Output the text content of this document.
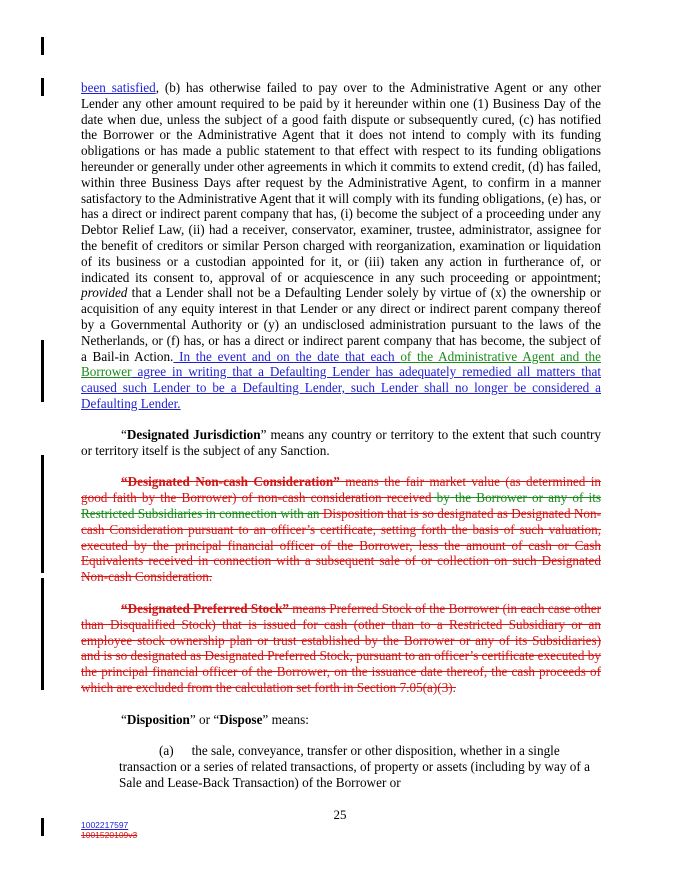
been satisfied, (b) has otherwise failed to pay over to the Administrative Agent or any other Lender any other amount required to be paid by it hereunder within one (1) Business Day of the date when due, unless the subject of a good faith dispute or subsequently cured, (c) has notified the Borrower or the Administrative Agent that it does not intend to comply with its funding obligations or has made a public statement to that effect with respect to its funding obligations hereunder or generally under other agreements in which it commits to extend credit, (d) has failed, within three Business Days after request by the Administrative Agent, to confirm in a manner satisfactory to the Administrative Agent that it will comply with its funding obligations, (e) has, or has a direct or indirect parent company that has, (i) become the subject of a proceeding under any Debtor Relief Law, (ii) had a receiver, conservator, examiner, trustee, administrator, assignee for the benefit of creditors or similar Person charged with reorganization, examination or liquidation of its business or a custodian appointed for it, or (iii) taken any action in furtherance of, or indicated its consent to, approval of or acquiescence in any such proceeding or appointment; provided that a Lender shall not be a Defaulting Lender solely by virtue of (x) the ownership or acquisition of any equity interest in that Lender or any direct or indirect parent company thereof by a Governmental Authority or (y) an undisclosed administration pursuant to the laws of the Netherlands, or (f) has, or has a direct or indirect parent company that has become, the subject of a Bail-in Action. In the event and on the date that each of the Administrative Agent and the Borrower agree in writing that a Defaulting Lender has adequately remedied all matters that caused such Lender to be a Defaulting Lender, such Lender shall no longer be considered a Defaulting Lender.

“Designated Jurisdiction” means any country or territory to the extent that such country or territory itself is the subject of any Sanction.

“Designated Non-cash Consideration” means the fair market value (as determined in good faith by the Borrower) of non-cash consideration received by the Borrower or any of its Restricted Subsidiaries in connection with an Disposition that is so designated as Designated Non-cash Consideration pursuant to an officer’s certificate, setting forth the basis of such valuation, executed by the principal financial officer of the Borrower, less the amount of cash or Cash Equivalents received in connection with a subsequent sale of or collection on such Designated Non-cash Consideration.

“Designated Preferred Stock” means Preferred Stock of the Borrower (in each case other than Disqualified Stock) that is issued for cash (other than to a Restricted Subsidiary or an employee stock ownership plan or trust established by the Borrower or any of its Subsidiaries) and is so designated as Designated Preferred Stock, pursuant to an officer’s certificate executed by the principal financial officer of the Borrower, on the issuance date thereof, the cash proceeds of which are excluded from the calculation set forth in Section 7.05(a)(3).

“Disposition” or “Dispose” means:

(a) the sale, conveyance, transfer or other disposition, whether in a single transaction or a series of related transactions, of property or assets (including by way of a Sale and Lease-Back Transaction) of the Borrower or

25
1002217597
1001520109v3
